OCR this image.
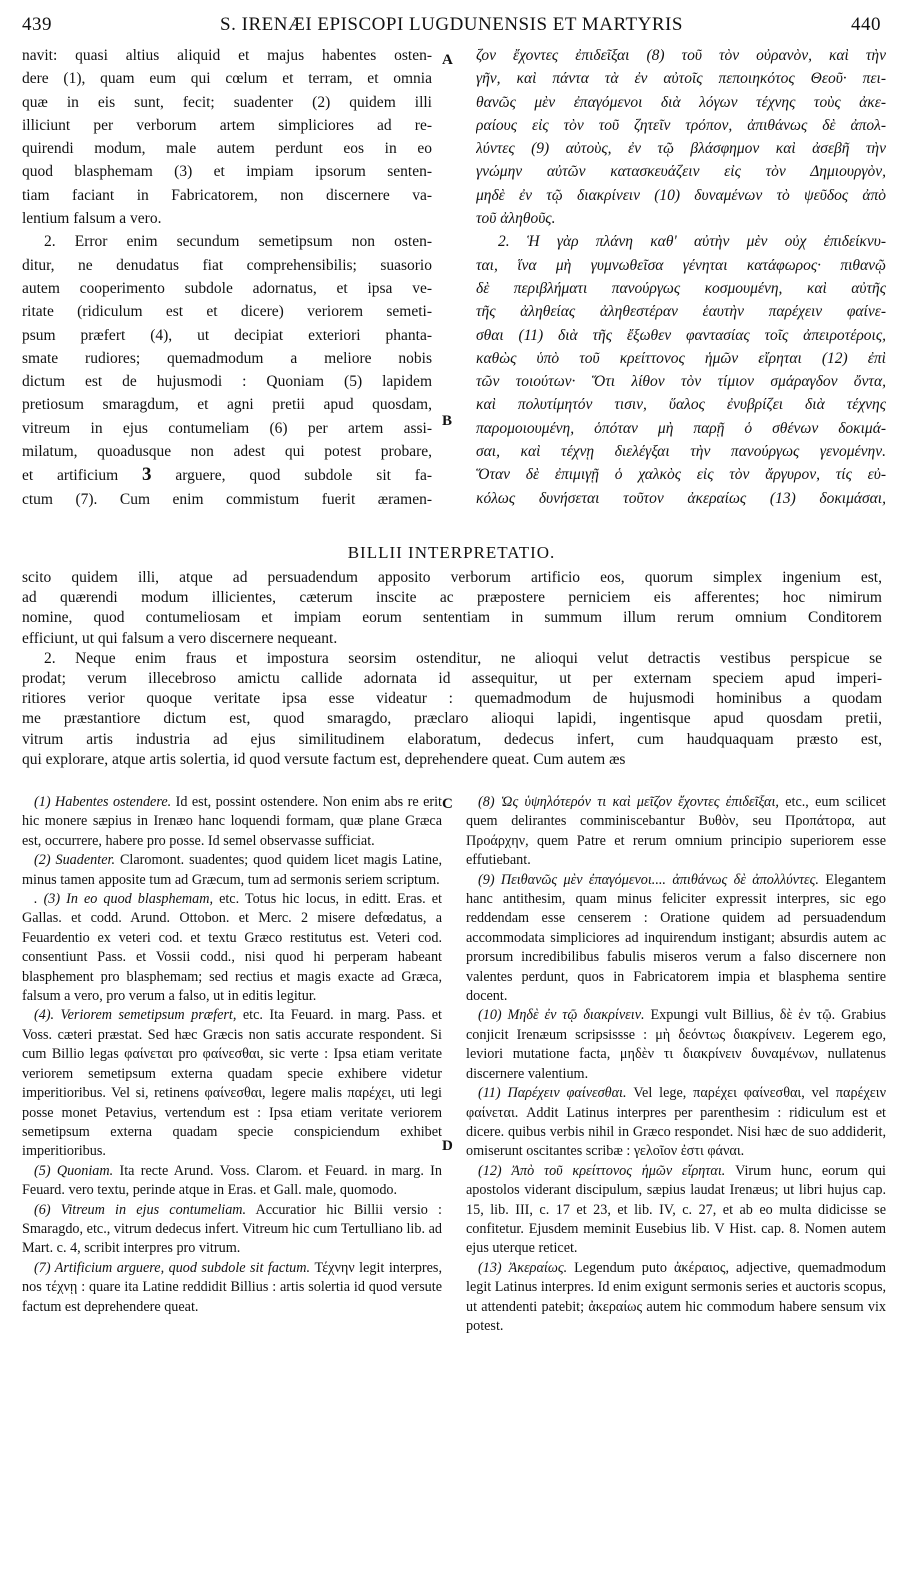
439	S. IRENÆI EPISCOPI LUGDUNENSIS ET MARTYRIS	440
navit: quasi altius aliquid et majus habentes osten-
dere (1), quam eum qui cœlum et terram, et omnia
quæ in eis sunt, fecit; suadenter (2) quidem illi
illiciunt per verborum artem simpliciores ad re-
quirendi modum, male autem perdunt eos in eo
quod blasphemam (3) et impiam ipsorum senten-
tiam faciant in Fabricatorem, non discernere va-
lentium falsum a vero.
2. Error enim secundum semetipsum non osten-
ditur, ne denudatus fiat comprehensibilis; suasorio
autem cooperimento subdole adornatus, et ipsa ve-
ritate (ridiculum est et dicere) veriorem semeti-
psum præfert (4), ut decipiat exteriori phanta-
smate rudiores; quemadmodum a meliore nobis
dictum est de hujusmodi : Quoniam (5) lapidem
pretiosum smaragdum, et agni pretii apud quosdam,
vitreum in ejus contumeliam (6) per artem assi-
milatum, quoadusque non adest qui potest probare,
et artificium 3 arguere, quod subdole sit fa-
ctum (7). Cum enim commistum fuerit æramen-
ζον ἔχοντες ἐπιδεῖξαι (8) τοῦ τὸν οὐρανὸν, καὶ τὴν
γῆν, καὶ πάντα τὰ ἐν αὐτοῖς πεποιηκότος Θεοῦ· πει-
θανῶς μὲν ἐπαγόμενοι διὰ λόγων τέχνης τοὺς ἀκε-
ραίους εἰς τὸν τοῦ ζητεῖν τρόπον, ἀπιθάνως δὲ ἀπολ-
λύντες (9) αὐτοὺς, ἐν τῷ βλάσφημον καὶ ἀσεβῆ τὴν
γνώμην αὐτῶν κατασκευάζειν εἰς τὸν Δημιουργὸν,
μηδὲ ἐν τῷ διακρίνειν (10) δυναμένων τὸ ψεῦδος ἀπὸ
τοῦ ἀληθοῦς.
2. Ἡ γὰρ πλάνη καθ' αὐτὴν μὲν οὐχ ἐπιδείκνυ-
ται, ἵνα μὴ γυμνωθεῖσα γένηται κατάφωρος· πιθανῷ
δὲ περιβλήματι πανούργως κοσμουμένη, καὶ αὐτῆς
τῆς ἀληθείας ἀληθεστέραν ἑαυτὴν παρέχειν φαίνε-
σθαι (11) διὰ τῆς ἔξωθεν φαντασίας τοῖς ἀπειροτέροις,
καθὼς ὑπὸ τοῦ κρείττονος ἡμῶν εἴρηται (12) ἐπὶ
τῶν τοιούτων· Ὅτι λίθον τὸν τίμιον σμάραγδον ὄντα,
καὶ πολυτίμητόν τισιν, ὕαλος ἐνυβρίζει διὰ τέχνης
παρομοιουμένη, ὁπόταν μὴ παρῇ ὁ σθένων δοκιμά-
σαι, καὶ τέχνῃ διελέγξαι τὴν πανούργως γενομένην.
Ὅταν δὲ ἐπιμιγῇ ὁ χαλκὸς εἰς τὸν ἄργυρον, τίς εὐ-
κόλως δυνήσεται τοῦτον ἀκεραίως (13) δοκιμάσαι,
A
B
BILLII INTERPRETATIO.
scito quidem illi, atque ad persuadendum apposito verborum artificio eos, quorum simplex ingenium est,
ad quærendi modum illicientes, cæterum inscite ac præpostere perniciem eis afferentes; hoc nimirum
nomine, quod contumeliosam et impiam eorum sententiam in summum illum rerum omnium Conditorem
efficiunt, ut qui falsum a vero discernere nequeant.
2. Neque enim fraus et impostura seorsim ostenditur, ne alioqui velut detractis vestibus perspicue se
prodat; verum illecebroso amictu callide adornata id assequitur, ut per externam speciem apud imperi-
ritiores verior quoque veritate ipsa esse videatur : quemadmodum de hujusmodi hominibus a quodam
me præstantiore dictum est, quod smaragdo, præclaro alioqui lapidi, ingentisque apud quosdam pretii,
vitrum artis industria ad ejus similitudinem elaboratum, dedecus infert, cum haudquaquam præsto est,
qui explorare, atque artis solertia, id quod versute factum est, deprehendere queat. Cum autem æs

(1) Habentes ostendere. Id est, possint ostendere. Non enim abs re erit hic monere sæpius in Irenæo hanc loquendi formam, quæ plane Græca est, occurrere, habere pro posse. Id semel observasse sufficiat.

(2) Suadenter. Claromont. suadentes; quod quidem licet magis Latine, minus tamen apposite tum ad Græcum, tum ad sermonis seriem scriptum.

. (3) In eo quod blasphemam, etc. Totus hic locus, in editt. Eras. et Gallas. et codd. Arund. Ottobon. et Merc. 2 misere defœdatus, a Feuardentio ex veteri cod. et textu Græco restitutus est. Veteri cod. consentiunt Pass. et Vossii codd., nisi quod hi perperam habeant blasphement pro blasphemam; sed rectius et magis exacte ad Græca, falsum a vero, pro verum a falso, ut in editis legitur.

(4). Veriorem semetipsum præfert, etc. Ita Feuard. in marg. Pass. et Voss. cæteri præstat. Sed hæc Græcis non satis accurate respondent. Si cum Billio legas φαίνεται pro φαίνεσθαι, sic verte : Ipsa etiam veritate veriorem semetipsum externa quadam specie exhibere videtur imperitioribus. Vel si, retinens φαίνεσθαι, legere malis παρέχει, uti legi posse monet Petavius, vertendum est : Ipsa etiam veritate veriorem semetipsum externa quadam specie conspiciendum exhibet imperitioribus.

(5) Quoniam. Ita recte Arund. Voss. Clarom. et Feuard. in marg. In Feuard. vero textu, perinde atque in Eras. et Gall. male, quomodo.

(6) Vitreum in ejus contumeliam. Accuratior hic Billii versio : Smaragdo, etc., vitrum dedecus infert. Vitreum hic cum Tertulliano lib. ad Mart. c. 4, scribit interpres pro vitrum.

(7) Artificium arguere, quod subdole sit factum. Τέχνην legit interpres, nos τέχνῃ : quare ita Latine reddidit Billius : artis solertia id quod versute factum est deprehendere queat.

(8) Ὡς ὑψηλότερόν τι καὶ μεῖζον ἔχοντες ἐπιδεῖξαι, etc., eum scilicet quem delirantes comminiscebantur Βυθὸν, seu Προπάτορα, aut Προάρχην, quem Patre et rerum omnium principio superiorem esse effutiebant.

(9) Πειθανῶς μὲν ἐπαγόμενοι.... ἀπιθάνως δὲ ἀπολλύντες. Elegantem hanc antithesim, quam minus feliciter expressit interpres, sic ego reddendam esse censerem : Oratione quidem ad persuadendum accommodata simpliciores ad inquirendum instigant; absurdis autem ac prorsum incredibilibus fabulis miseros verum a falso discernere non valentes perdunt, quos in Fabricatorem impia et blasphema sentire docent.

(10) Μηδὲ ἐν τῷ διακρίνειν. Expungi vult Billius, δὲ ἐν τῷ. Grabius conjicit Irenæum scripsissse : μὴ δεόντως διακρίνειν. Legerem ego, leviori mutatione facta, μηδὲν τι διακρίνειν δυναμένων, nullatenus discernere valentium.

(11) Παρέχειν φαίνεσθαι. Vel lege, παρέχει φαίνεσθαι, vel παρέχειν φαίνεται. Addit Latinus interpres per parenthesim : ridiculum est et dicere. quibus verbis nihil in Græco respondet. Nisi hæc de suo addiderit, omiserunt oscitantes scribæ : γελοῖον ἐστι φάναι.

(12) Ἀπὸ τοῦ κρείττονος ἡμῶν εἴρηται. Virum hunc, eorum qui apostolos viderant discipulum, sæpius laudat Irenæus; ut libri hujus cap. 15, lib. III, c. 17 et 23, et lib. IV, c. 27, et ab eo multa didicisse se confitetur. Ejusdem meminit Eusebius lib. V Hist. cap. 8. Nomen autem ejus uterque reticet.

(13) Ἀκεραίως. Legendum puto ἀκέραιος, adjective, quemadmodum legit Latinus interpres. Id enim exigunt sermonis series et auctoris scopus, ut attendenti patebit; ἀκεραίως autem hic commodum habere sensum vix potest.

C
D
